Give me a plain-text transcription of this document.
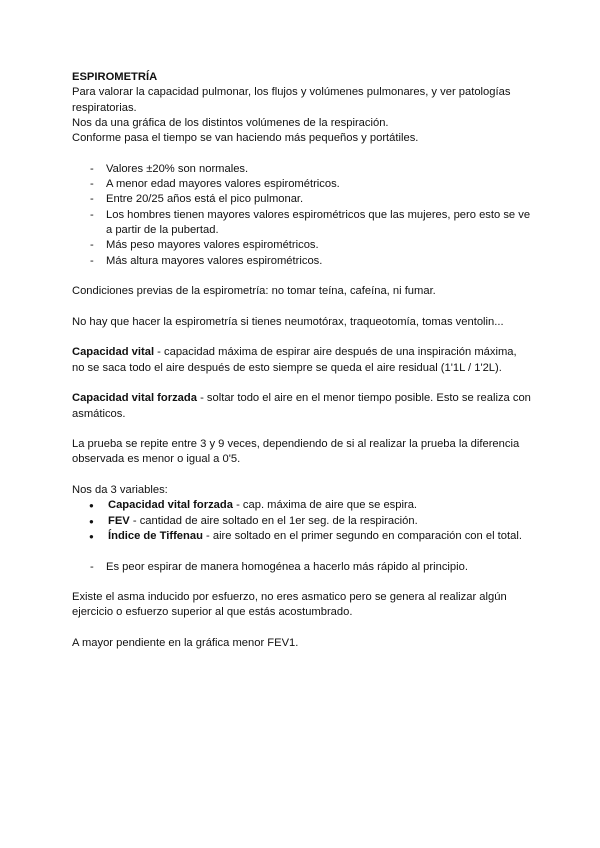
ESPIROMETRÍA

Para valorar la capacidad pulmonar, los flujos y volúmenes pulmonares, y ver patologías respiratorias.

Nos da una gráfica de los distintos volúmenes de la respiración.

Conforme pasa el tiempo se van haciendo más pequeños y portátiles.

- Valores ±20% son normales.
- A menor edad mayores valores espirométricos.
- Entre 20/25 años está el pico pulmonar.
- Los hombres tienen mayores valores espirométricos que las mujeres, pero esto se ve a partir de la pubertad.
- Más peso mayores valores espirométricos.
- Más altura mayores valores espirométricos.

Condiciones previas de la espirometría: no tomar teína, cafeína, ni fumar.

No hay que hacer la espirometría si tienes neumotórax, traqueotomía, tomas ventolin...

Capacidad vital - capacidad máxima de espirar aire después de una inspiración máxima, no se saca todo el aire después de esto siempre se queda el aire residual (1'1L / 1'2L).

Capacidad vital forzada - soltar todo el aire en el menor tiempo posible. Esto se realiza con asmáticos.

La prueba se repite entre 3 y 9 veces, dependiendo de si al realizar la prueba la diferencia observada es menor o igual a 0'5.

Nos da 3 variables:

● Capacidad vital forzada - cap. máxima de aire que se espira.
● FEV - cantidad de aire soltado en el 1er seg. de la respiración.
● Índice de Tiffenau - aire soltado en el primer segundo en comparación con el total.
- Es peor espirar de manera homogénea a hacerlo más rápido al principio.

Existe el asma inducido por esfuerzo, no eres asmatico pero se genera al realizar algún ejercicio o esfuerzo superior al que estás acostumbrado.

A mayor pendiente en la gráfica menor FEV1.
